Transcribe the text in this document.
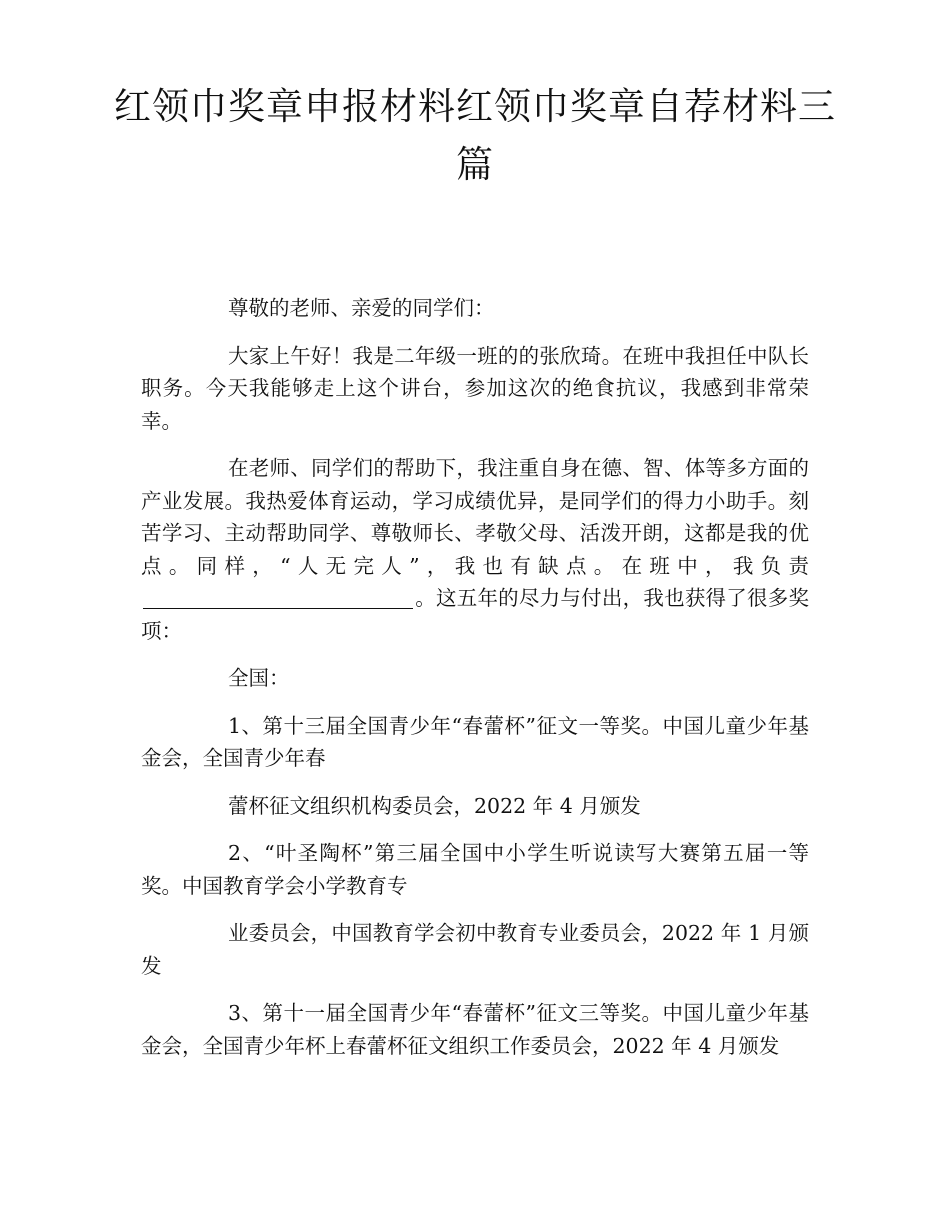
红领巾奖章申报材料红领巾奖章自荐材料三篇

尊敬的老师、亲爱的同学们：

大家上午好！我是二年级一班的的张欣琦。在班中我担任中队长职务。今天我能够走上这个讲台，参加这次的绝食抗议，我感到非常荣幸。

在老师、同学们的帮助下，我注重自身在德、智、体等多方面的产业发展。我热爱体育运动，学习成绩优异，是同学们的得力小助手。刻苦学习、主动帮助同学、尊敬师长、孝敬父母、活泼开朗，这都是我的优点。同样，“人无完人”，我也有缺点。在班中，我负责。这五年的尽力与付出，我也获得了很多奖项：

全国：

1、第十三届全国青少年“春蕾杯”征文一等奖。中国儿童少年基金会，全国青少年春

蕾杯征文组织机构委员会，2022 年 4 月颁发

2、“叶圣陶杯”第三届全国中小学生听说读写大赛第五届一等奖。中国教育学会小学教育专

业委员会，中国教育学会初中教育专业委员会，2022 年 1 月颁发

3、第十一届全国青少年“春蕾杯”征文三等奖。中国儿童少年基金会，全国青少年杯上春蕾杯征文组织工作委员会，2022 年 4 月颁发
